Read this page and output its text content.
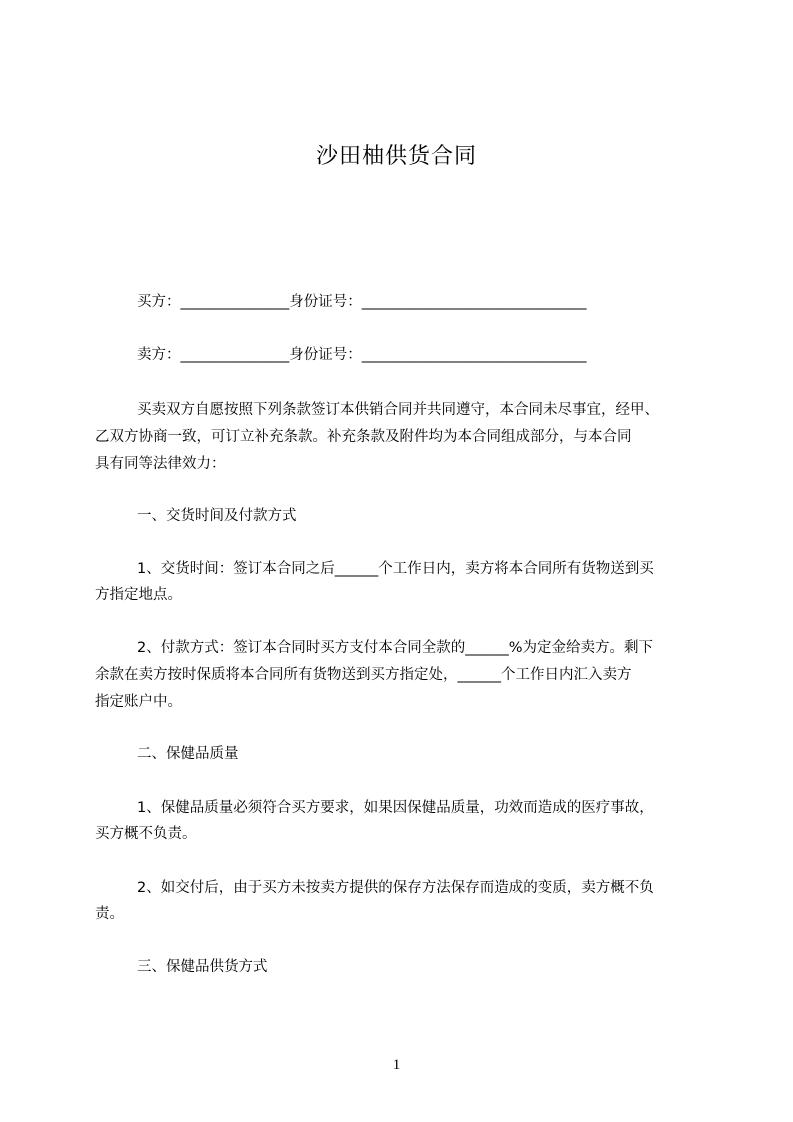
沙田柚供货合同
买方：_______________身份证号：_______________________________
卖方：_______________身份证号：_______________________________
买卖双方自愿按照下列条款签订本供销合同并共同遵守，本合同未尽事宜，经甲、
乙双方协商一致，可订立补充条款。补充条款及附件均为本合同组成部分，与本合同
具有同等法律效力：
一、交货时间及付款方式
1、交货时间：签订本合同之后______个工作日内，卖方将本合同所有货物送到买
方指定地点。
2、付款方式：签订本合同时买方支付本合同全款的______%为定金给卖方。剩下
余款在卖方按时保质将本合同所有货物送到买方指定处，______个工作日内汇入卖方
指定账户中。
二、保健品质量
1、保健品质量必须符合买方要求，如果因保健品质量，功效而造成的医疗事故，
买方概不负责。
2、如交付后，由于买方未按卖方提供的保存方法保存而造成的变质，卖方概不负
责。
三、保健品供货方式
1
